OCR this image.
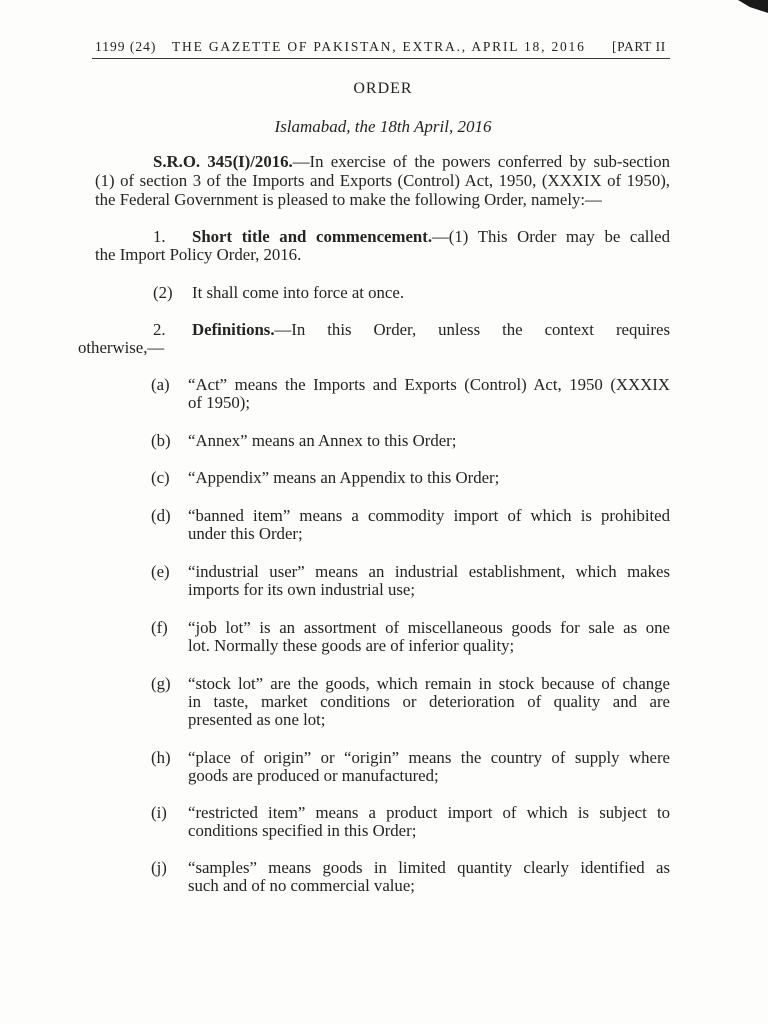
1199 (24) THE GAZETTE OF PAKISTAN, EXTRA., APRIL 18, 2016 [PART II
ORDER
Islamabad, the 18th April, 2016
S.R.O. 345(I)/2016.—In exercise of the powers conferred by sub-section
(1) of section 3 of the Imports and Exports (Control) Act, 1950, (XXXIX of 1950),
the Federal Government is pleased to make the following Order, namely:—
1. Short title and commencement.—(1) This Order may be called
the Import Policy Order, 2016.
(2) It shall come into force at once.
2. Definitions.—In this Order, unless the context requires
otherwise,—
(a) “Act” means the Imports and Exports (Control) Act, 1950 (XXXIX
of 1950);
(b) “Annex” means an Annex to this Order;
(c) “Appendix” means an Appendix to this Order;
(d) “banned item” means a commodity import of which is prohibited
under this Order;
(e) “industrial user” means an industrial establishment, which makes
imports for its own industrial use;
(f) “job lot” is an assortment of miscellaneous goods for sale as one
lot. Normally these goods are of inferior quality;
(g) “stock lot” are the goods, which remain in stock because of change
in taste, market conditions or deterioration of quality and are
presented as one lot;
(h) “place of origin” or “origin” means the country of supply where
goods are produced or manufactured;
(i) “restricted item” means a product import of which is subject to
conditions specified in this Order;
(j) “samples” means goods in limited quantity clearly identified as
such and of no commercial value;
